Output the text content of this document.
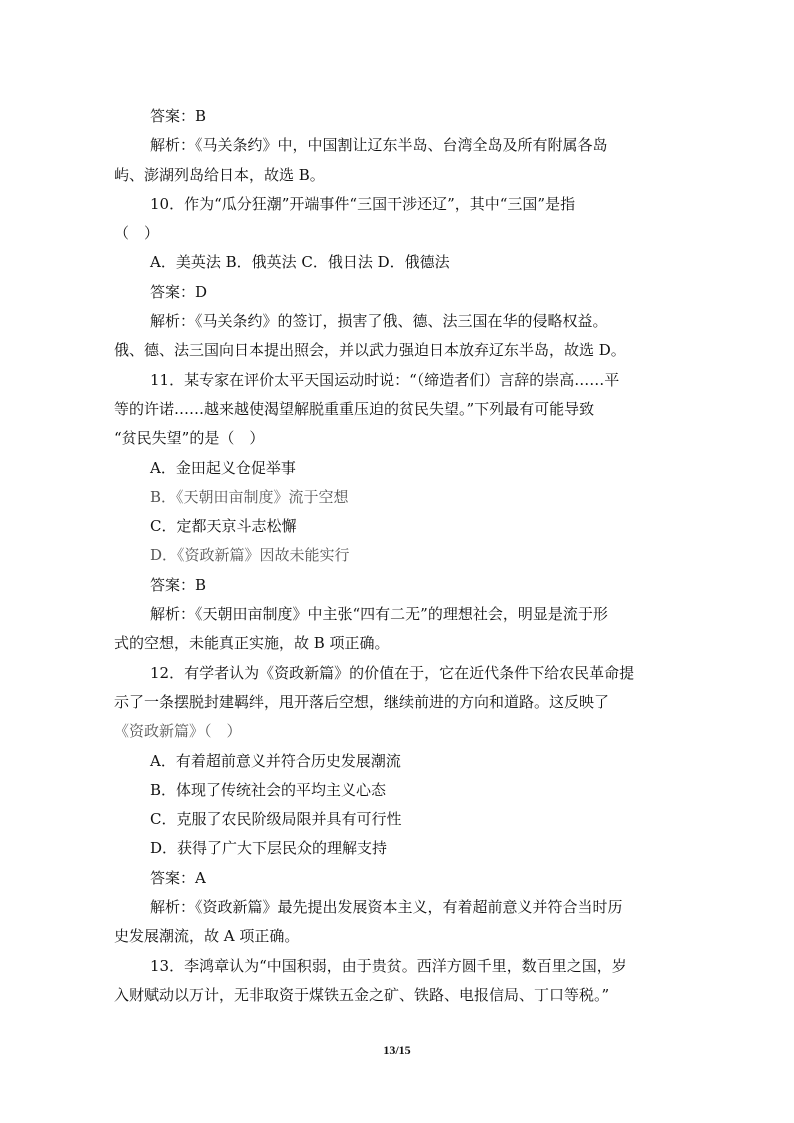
答案：B
解析：《马关条约》中，中国割让辽东半岛、台湾全岛及所有附属各岛
屿、澎湖列岛给日本，故选 B。
10．作为“瓜分狂潮”开端事件“三国干涉还辽”，其中“三国”是指
（　）
A．美英法 B．俄英法 C．俄日法 D．俄德法
答案：D
解析：《马关条约》的签订，损害了俄、德、法三国在华的侵略权益。
俄、德、法三国向日本提出照会，并以武力强迫日本放弃辽东半岛，故选 D。
11．某专家在评价太平天国运动时说：“（缔造者们）言辞的崇高……平
等的许诺……越来越使渴望解脱重重压迫的贫民失望。”下列最有可能导致
“贫民失望”的是（　）
A．金田起义仓促举事
B．《天朝田亩制度》流于空想
C．定都天京斗志松懈
D．《资政新篇》因故未能实行
答案：B
解析：《天朝田亩制度》中主张“四有二无”的理想社会，明显是流于形
式的空想，未能真正实施，故 B 项正确。
12．有学者认为《资政新篇》的价值在于，它在近代条件下给农民革命提
示了一条摆脱封建羁绊，甩开落后空想，继续前进的方向和道路。这反映了
《资政新篇》（　）
A．有着超前意义并符合历史发展潮流
B．体现了传统社会的平均主义心态
C．克服了农民阶级局限并具有可行性
D．获得了广大下层民众的理解支持
答案：A
解析：《资政新篇》最先提出发展资本主义，有着超前意义并符合当时历
史发展潮流，故 A 项正确。
13．李鸿章认为“中国积弱，由于贵贫。西洋方圆千里，数百里之国，岁
入财赋动以万计，无非取资于煤铁五金之矿、铁路、电报信局、丁口等税。”
13/15
